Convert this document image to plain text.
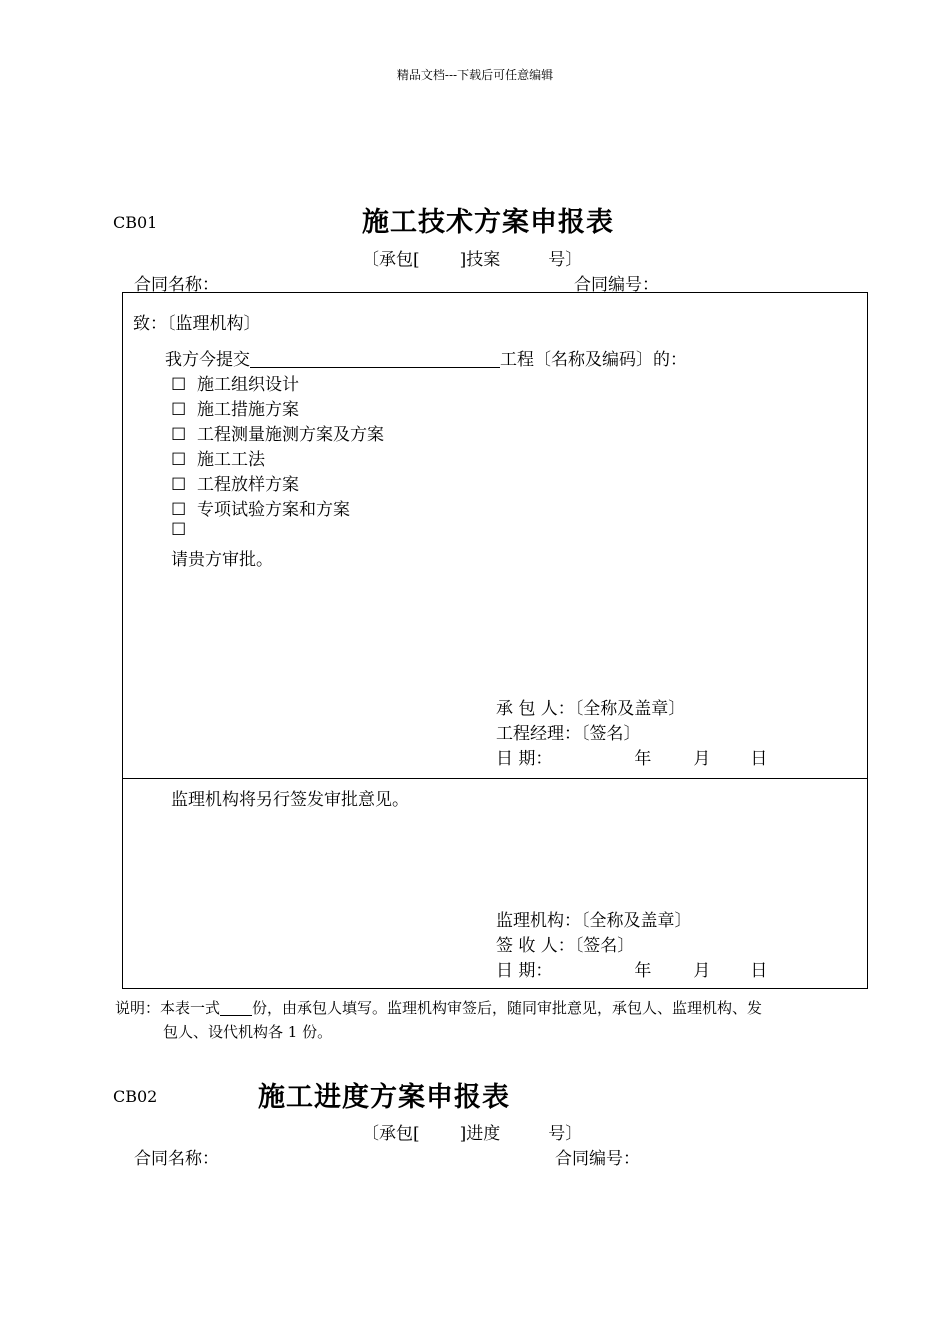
精品文档---下载后可任意编辑
CB01	施工技术方案申报表
〔承包[ ]技案	号〕
合同名称：	合同编号：
致：〔监理机构〕
我方今提交	工程〔名称及编码〕的：
☐ 施工组织设计
☐ 施工措施方案
☐ 工程测量施测方案及方案
☐ 施工工法
☐ 工程放样方案
☐ 专项试验方案和方案
☐
请贵方审批。
承 包 人：〔全称及盖章〕
工程经理：〔签名〕
日 期：	年 月 日
监理机构将另行签发审批意见。
监理机构：〔全称及盖章〕
签 收 人：〔签名〕
日 期：	年 月 日
说明：本表一式 份，由承包人填写。监理机构审签后，随同审批意见，承包人、监理机构、发
包人、设代机构各 1 份。
CB02	施工进度方案申报表
〔承包[ ]进度	号〕
合同名称：	合同编号：
